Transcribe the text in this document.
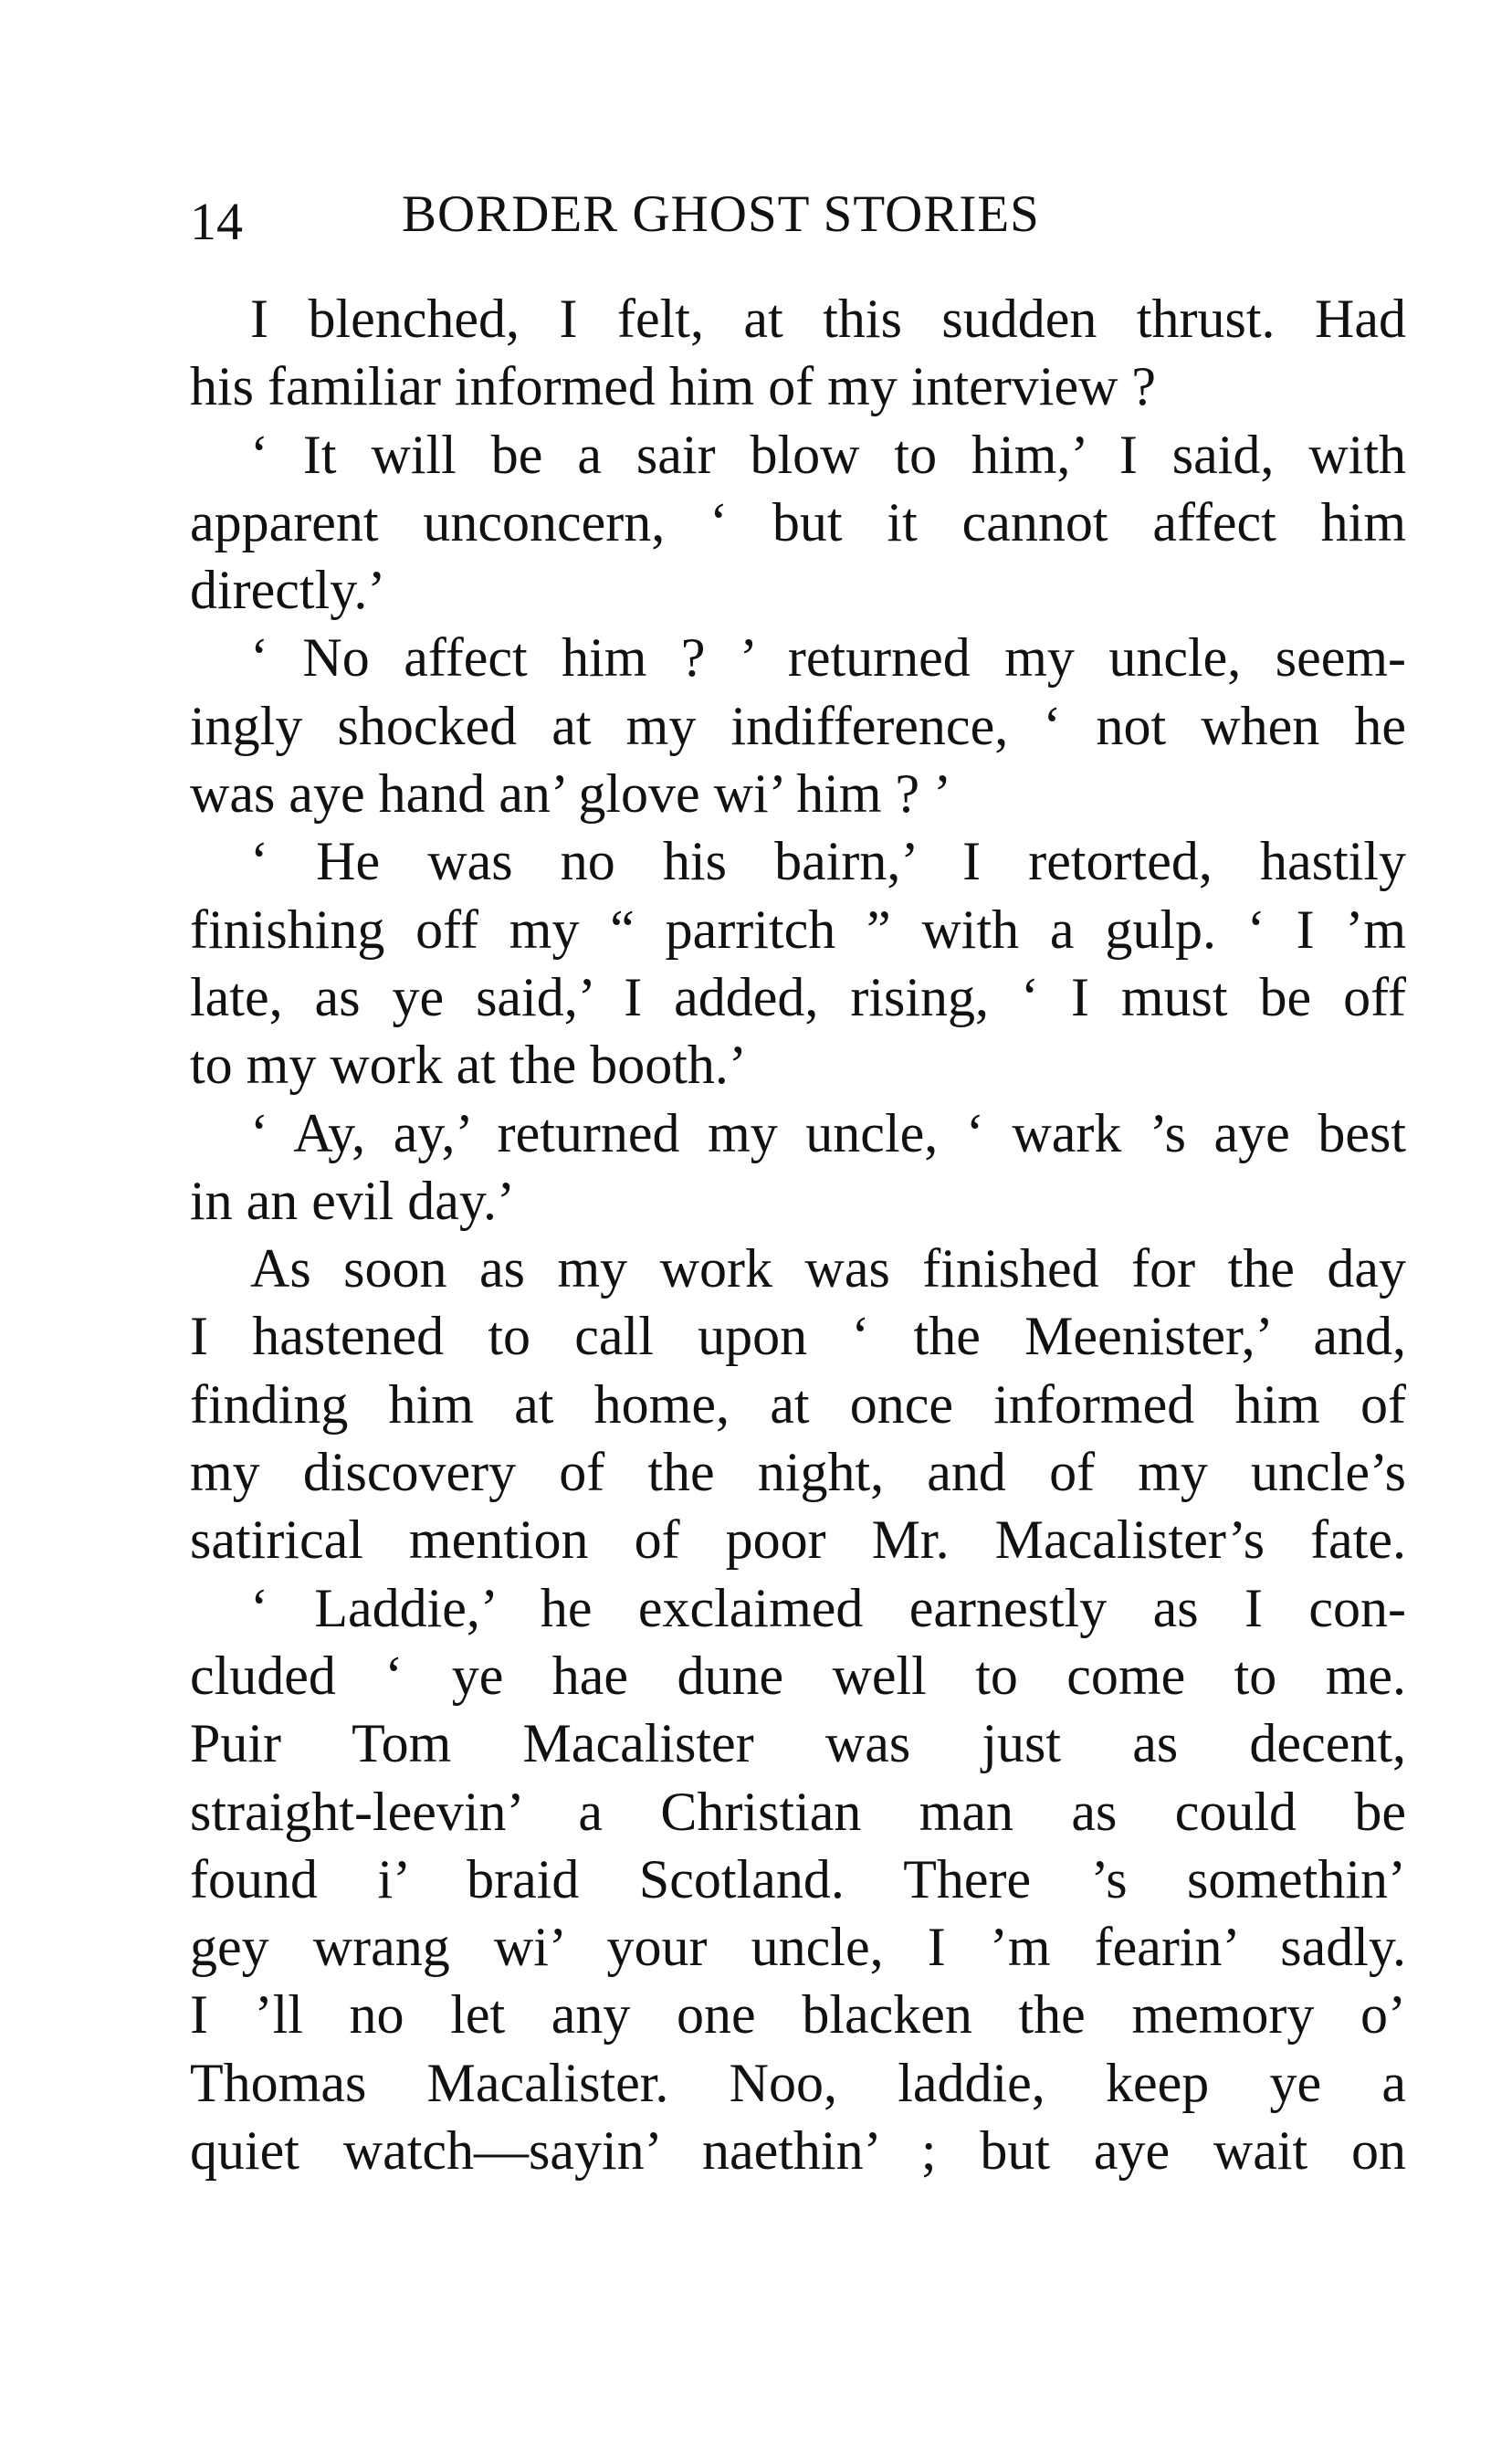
14	BORDER GHOST STORIES
I blenched, I felt, at this sudden thrust. Had
his familiar informed him of my interview ?
‘ It will be a sair blow to him,’ I said, with
apparent unconcern, ‘ but it cannot affect him
directly.’
‘ No affect him ? ’ returned my uncle, seem-
ingly shocked at my indifference, ‘ not when he
was aye hand an’ glove wi’ him ? ’
‘ He was no his bairn,’ I retorted, hastily
finishing off my “ parritch ” with a gulp. ‘ I ’m
late, as ye said,’ I added, rising, ‘ I must be off
to my work at the booth.’
‘ Ay, ay,’ returned my uncle, ‘ wark ’s aye best
in an evil day.’
As soon as my work was finished for the day
I hastened to call upon ‘ the Meenister,’ and,
finding him at home, at once informed him of
my discovery of the night, and of my uncle’s
satirical mention of poor Mr. Macalister’s fate.
‘ Laddie,’ he exclaimed earnestly as I con-
cluded ‘ ye hae dune well to come to me.
Puir Tom Macalister was just as decent,
straight-leevin’ a Christian man as could be
found i’ braid Scotland. There ’s somethin’
gey wrang wi’ your uncle, I ’m fearin’ sadly.
I ’ll no let any one blacken the memory o’
Thomas Macalister. Noo, laddie, keep ye a
quiet watch—sayin’ naethin’ ; but aye wait on
